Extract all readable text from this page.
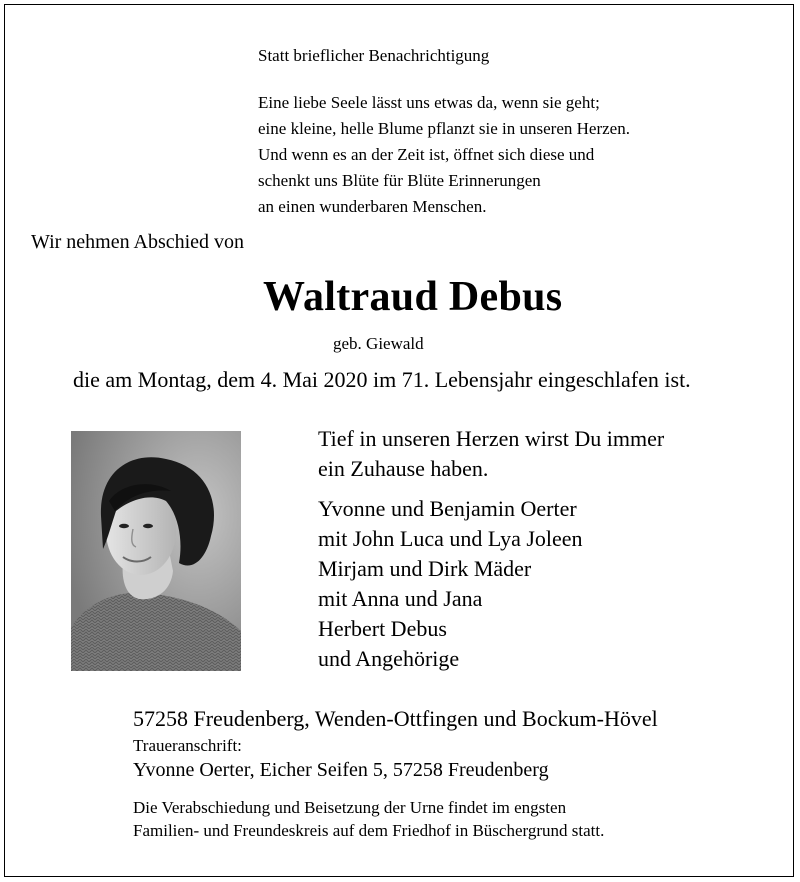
Statt brieflicher Benachrichtigung

Eine liebe Seele lässt uns etwas da, wenn sie geht;

eine kleine, helle Blume pflanzt sie in unseren Herzen.

Und wenn es an der Zeit ist, öffnet sich diese und

schenkt uns Blüte für Blüte Erinnerungen

an einen wunderbaren Menschen.

Wir nehmen Abschied von

Waltraud Debus

geb. Giewald

die am Montag, dem 4. Mai 2020 im 71. Lebensjahr eingeschlafen ist.

Tief in unseren Herzen wirst Du immer

ein Zuhause haben.

Yvonne und Benjamin Oerter

mit John Luca und Lya Joleen

Mirjam und Dirk Mäder

mit Anna und Jana

Herbert Debus

und Angehörige

57258 Freudenberg, Wenden-Ottfingen und Bockum-Hövel

Traueranschrift:

Yvonne Oerter, Eicher Seifen 5, 57258 Freudenberg

Die Verabschiedung und Beisetzung der Urne findet im engsten

Familien- und Freundeskreis auf dem Friedhof in Büschergrund statt.
